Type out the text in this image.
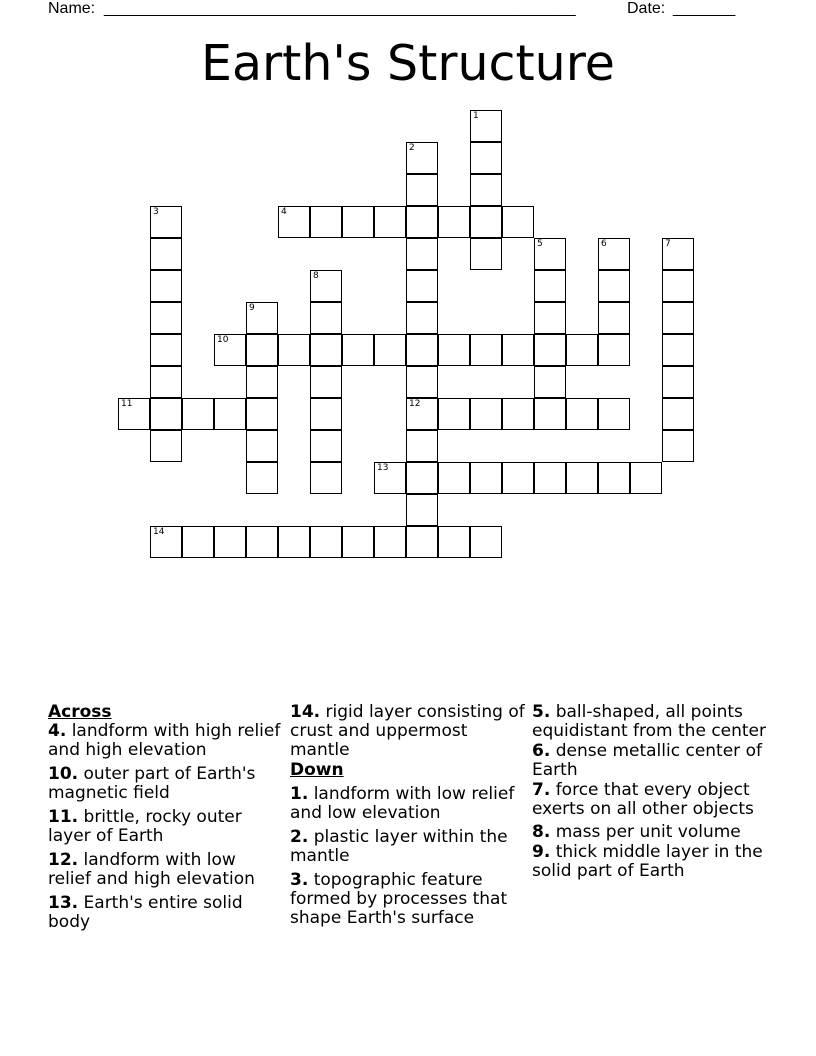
Name: _____________________________________________________	Date: _______
Earth's Structure
1
2
12
3	4
5	6	7
8
9
10
11
13
14
Across
4. landform with high relief and high elevation
10. outer part of Earth's magnetic field
11. brittle, rocky outer layer of Earth
12. landform with low relief and high elevation
13. Earth's entire solid body
14. rigid layer consisting of crust and uppermost mantle
Down
1. landform with low relief and low elevation
2. plastic layer within the mantle
3. topographic feature formed by processes that shape Earth's surface
5. ball-shaped, all points equidistant from the center
6. dense metallic center of Earth
7. force that every object exerts on all other objects
8. mass per unit volume
9. thick middle layer in the solid part of Earth
